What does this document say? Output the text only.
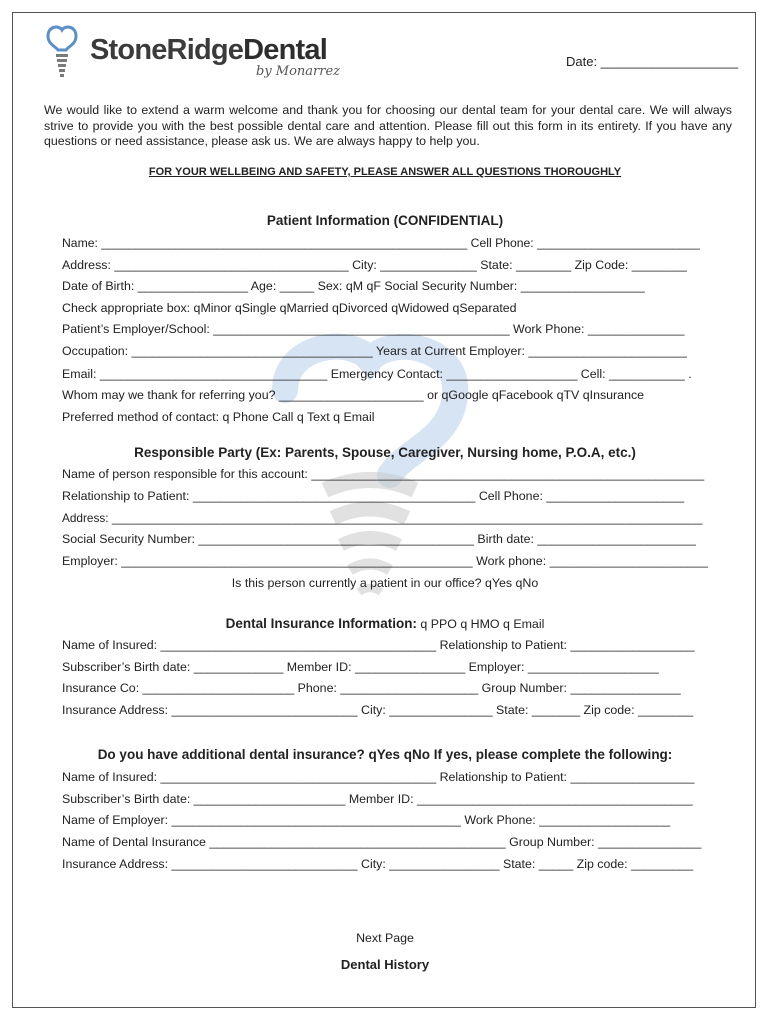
StoneRidgeDental
by Monarrez
Date: ___________________
We would like to extend a warm welcome and thank you for choosing our dental team for your dental care. We will always strive to provide you with the best possible dental care and attention. Please fill out this form in its entirety. If you have any questions or need assistance, please ask us. We are always happy to help you.
FOR YOUR WELLBEING AND SAFETY, PLEASE ANSWER ALL QUESTIONS THOROUGHLY
Patient Information (CONFIDENTIAL)
Name: ______________________________________________________ Cell Phone: ________________________
Address: __________________________________ City: ______________ State: ________ Zip Code: ________
Date of Birth: ________________ Age: _____ Sex: qM qF Social Security Number: __________________
Check appropriate box: qMinor qSingle qMarried qDivorced qWidowed qSeparated
Patient’s Employer/School: ___________________________________________ Work Phone: ______________
Occupation: ___________________________________ Years at Current Employer: _______________________
Email: _________________________________ Emergency Contact: ___________________ Cell: ___________ .
Whom may we thank for referring you? _____________________ or qGoogle qFacebook qTV qInsurance
Preferred method of contact: q Phone Call q Text q Email
Responsible Party (Ex: Parents, Spouse, Caregiver, Nursing home, P.O.A, etc.)
Name of person responsible for this account: _________________________________________________________
Relationship to Patient: _________________________________________ Cell Phone: ____________________
Address: __________________________________________________________________________________________
Social Security Number: ________________________________________ Birth date: _______________________
Employer: ___________________________________________________ Work phone: _______________________
Is this person currently a patient in our office? qYes qNo
Dental Insurance Information: q PPO q HMO q Email
Name of Insured: ________________________________________ Relationship to Patient: __________________
Subscriber’s Birth date: _____________ Member ID: ________________ Employer: ___________________
Insurance Co: ______________________ Phone: ____________________ Group Number: ________________
Insurance Address: ___________________________ City: _______________ State: _______ Zip code: ________
Do you have additional dental insurance? qYes qNo If yes, please complete the following:
Name of Insured: ________________________________________ Relationship to Patient: __________________
Subscriber’s Birth date: ______________________ Member ID: ________________________________________
Name of Employer: __________________________________________ Work Phone: ___________________
Name of Dental Insurance ___________________________________________ Group Number: _______________
Insurance Address: ___________________________ City: ________________ State: _____ Zip code: _________
Next Page
Dental History
